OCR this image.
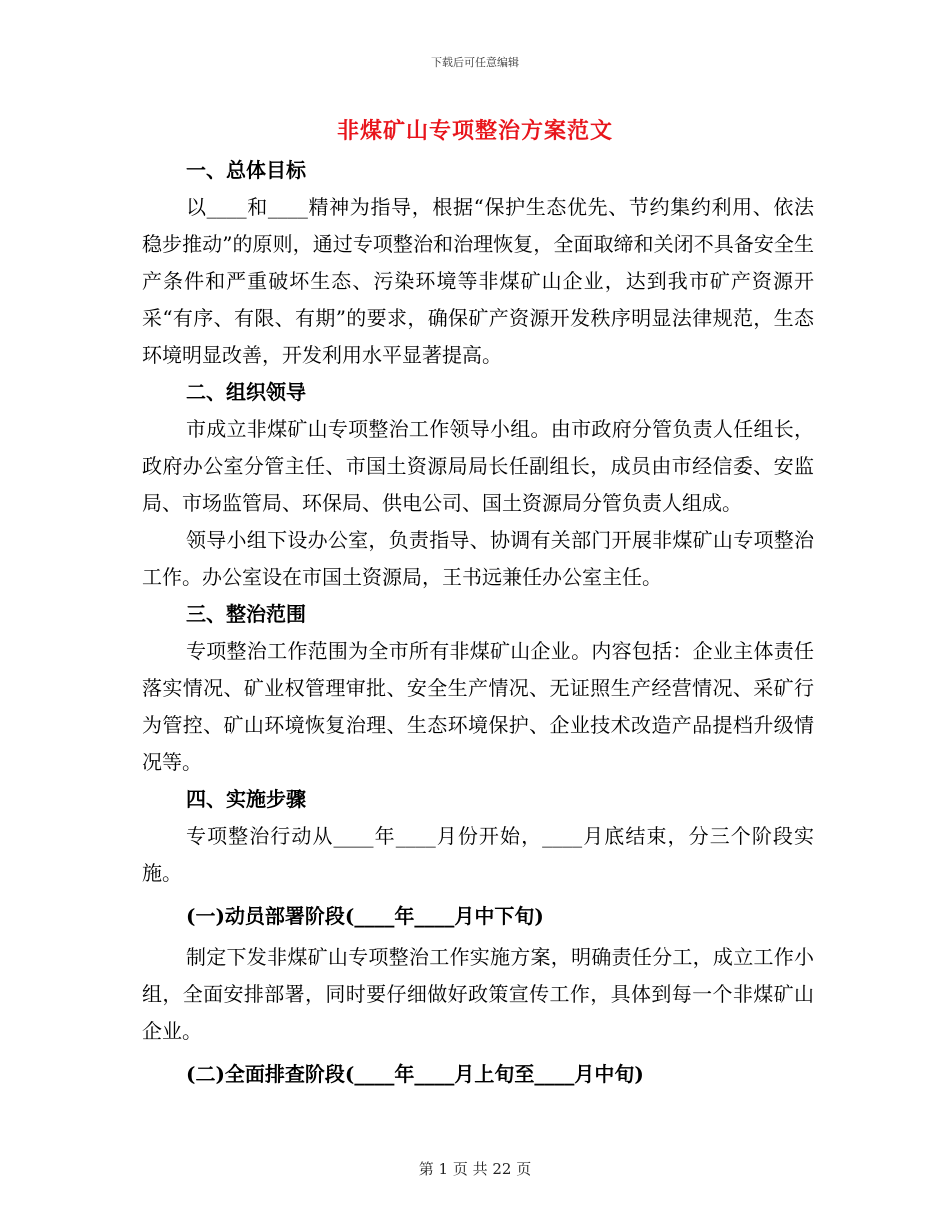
下载后可任意编辑
非煤矿山专项整治方案范文

一、总体目标

以____和____精神为指导，根据“保护生态优先、节约集约利用、依法稳步推动”的原则，通过专项整治和治理恢复，全面取缔和关闭不具备安全生产条件和严重破坏生态、污染环境等非煤矿山企业，达到我市矿产资源开采“有序、有限、有期”的要求，确保矿产资源开发秩序明显法律规范，生态环境明显改善，开发利用水平显著提高。

二、组织领导

市成立非煤矿山专项整治工作领导小组。由市政府分管负责人任组长，政府办公室分管主任、市国土资源局局长任副组长，成员由市经信委、安监局、市场监管局、环保局、供电公司、国土资源局分管负责人组成。

领导小组下设办公室，负责指导、协调有关部门开展非煤矿山专项整治工作。办公室设在市国土资源局，王书远兼任办公室主任。

三、整治范围

专项整治工作范围为全市所有非煤矿山企业。内容包括：企业主体责任落实情况、矿业权管理审批、安全生产情况、无证照生产经营情况、采矿行为管控、矿山环境恢复治理、生态环境保护、企业技术改造产品提档升级情况等。

四、实施步骤

专项整治行动从____年____月份开始，____月底结束，分三个阶段实施。

(一)动员部署阶段(____年____月中下旬)

制定下发非煤矿山专项整治工作实施方案，明确责任分工，成立工作小组，全面安排部署，同时要仔细做好政策宣传工作，具体到每一个非煤矿山企业。

(二)全面排查阶段(____年____月上旬至____月中旬)

第 1 页 共 22 页
